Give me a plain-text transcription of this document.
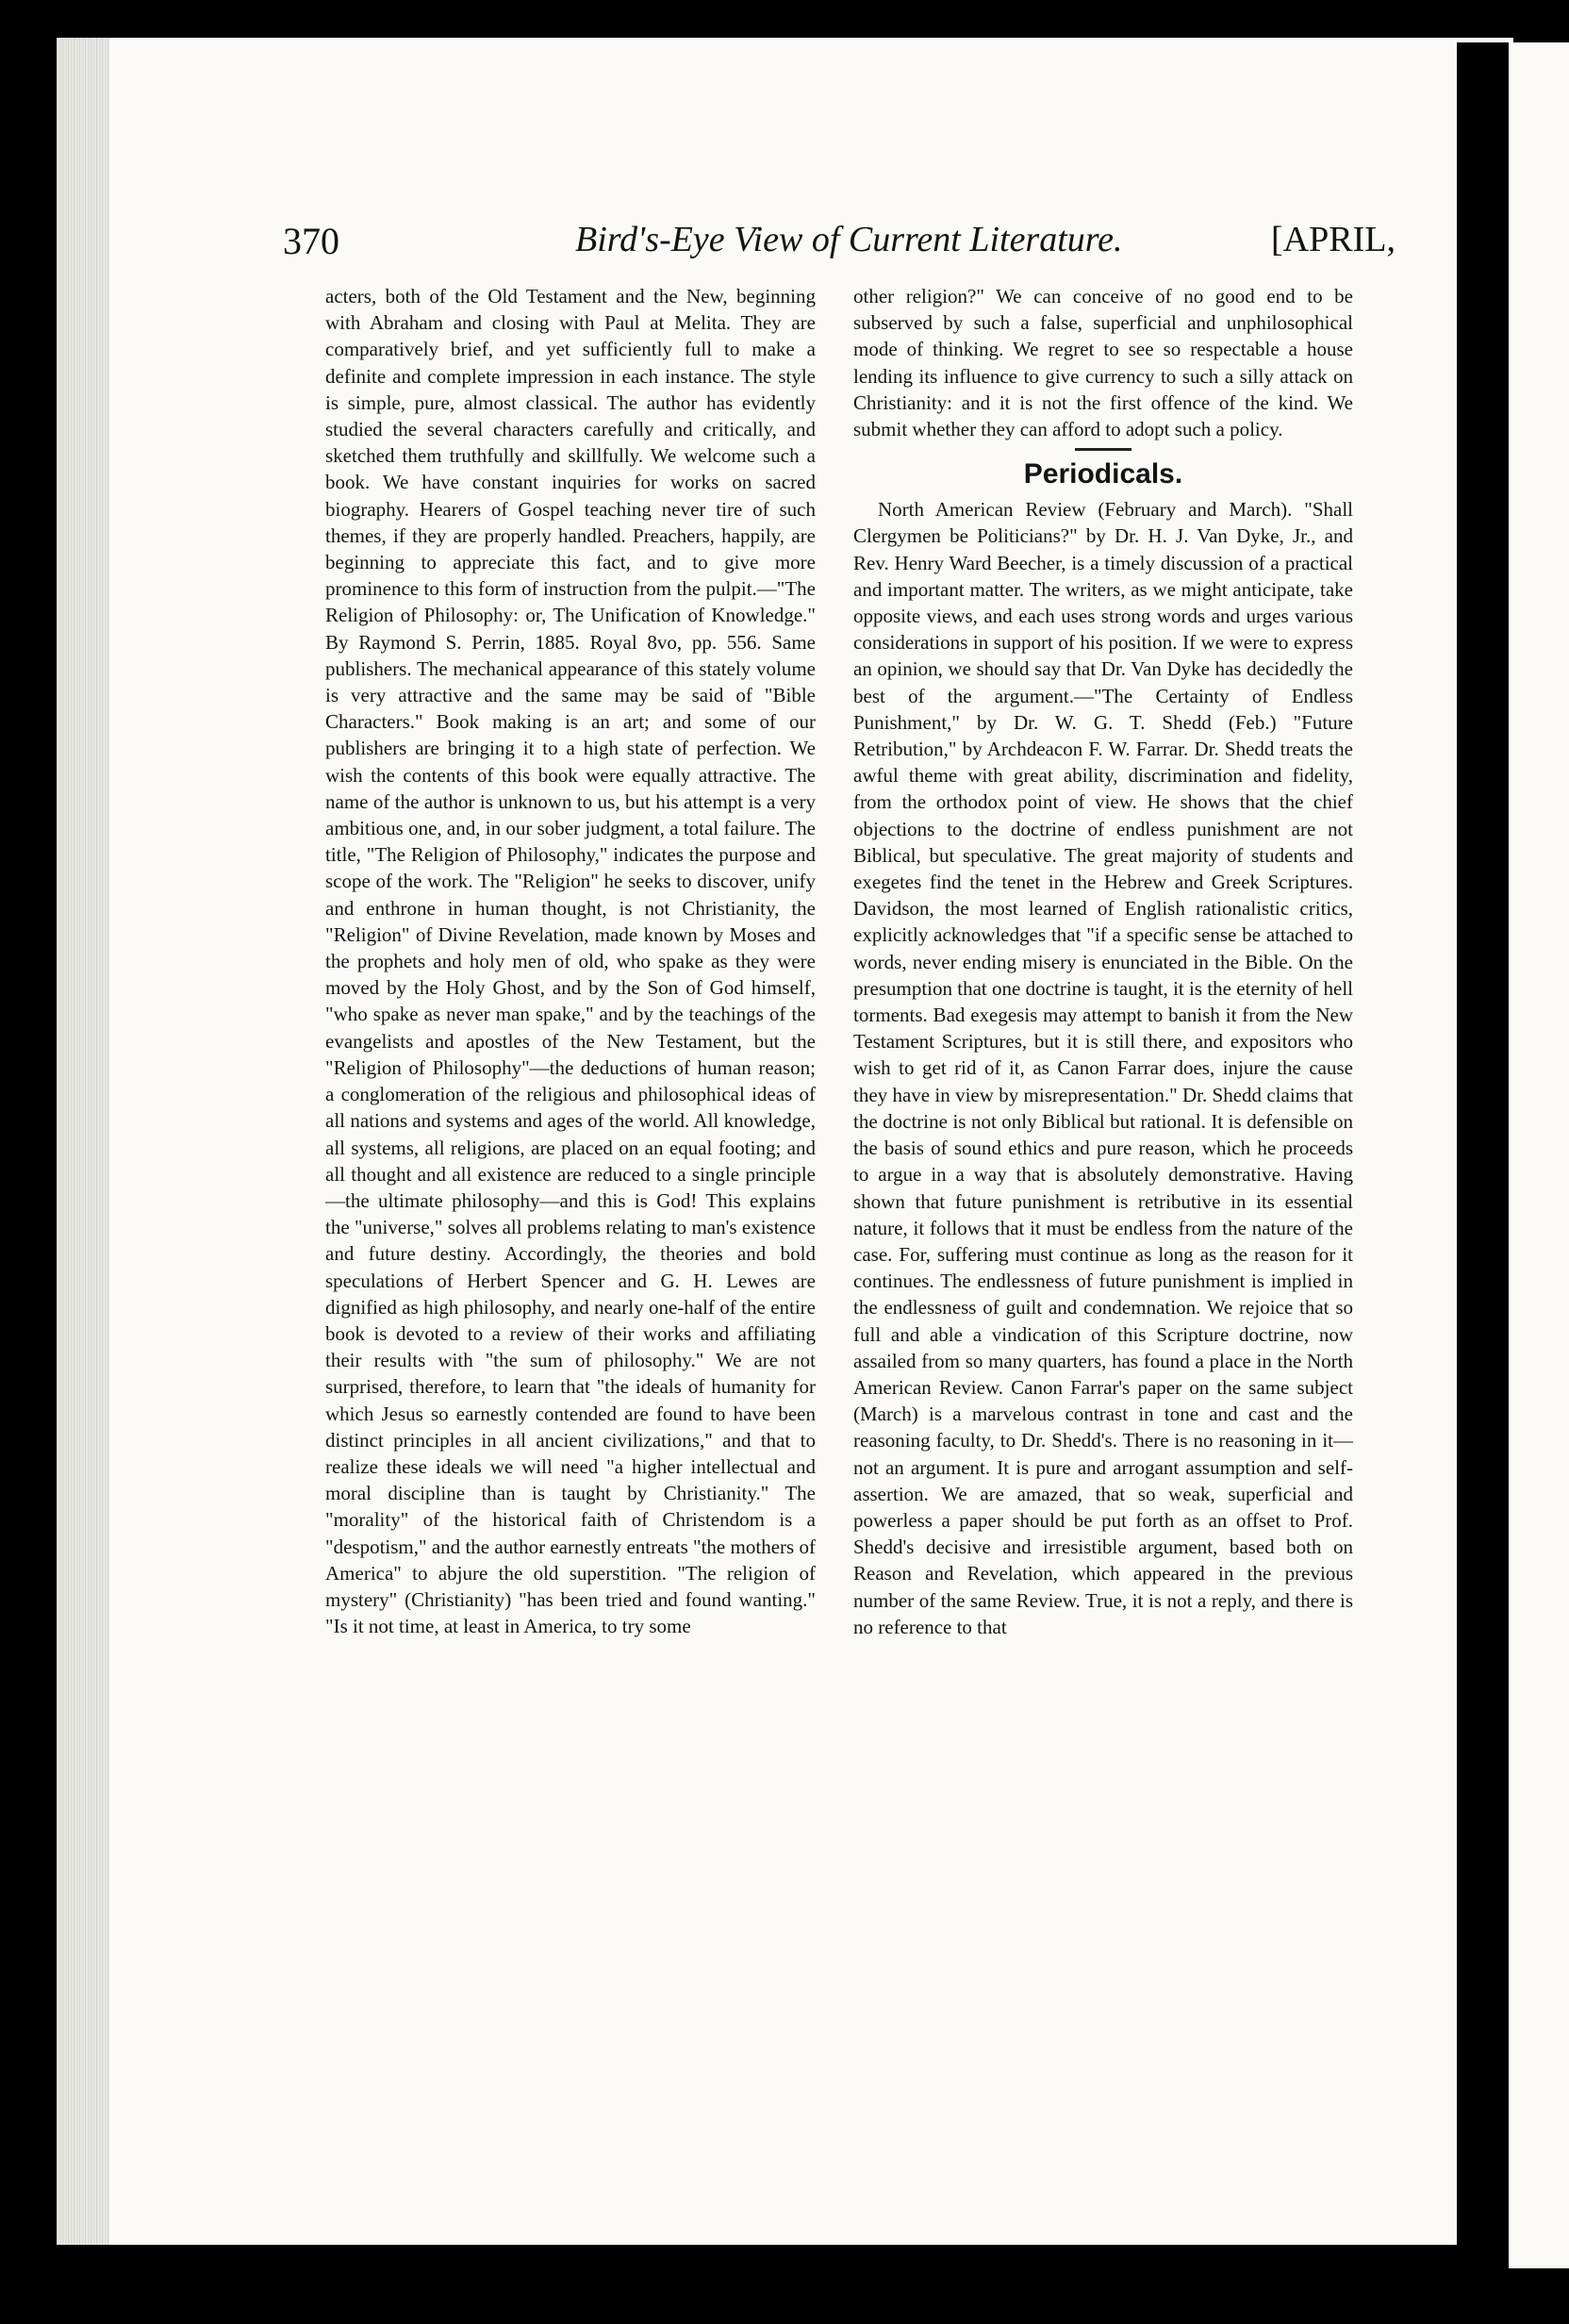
370	Bird's-Eye View of Current Literature.	[APRIL,

acters, both of the Old Testament and the New, beginning with Abraham and closing with Paul at Melita. They are comparatively brief, and yet sufficiently full to make a definite and complete impression in each instance. The style is simple, pure, almost classical. The author has evidently studied the several characters carefully and critically, and sketched them truthfully and skillfully. We welcome such a book. We have constant inquiries for works on sacred biography. Hearers of Gospel teaching never tire of such themes, if they are properly handled. Preachers, happily, are beginning to appreciate this fact, and to give more prominence to this form of instruction from the pulpit.—"The Religion of Philosophy: or, The Unification of Knowledge." By Raymond S. Perrin, 1885. Royal 8vo, pp. 556. Same publishers. The mechanical appearance of this stately volume is very attractive and the same may be said of "Bible Characters." Book making is an art; and some of our publishers are bringing it to a high state of perfection. We wish the contents of this book were equally attractive. The name of the author is unknown to us, but his attempt is a very ambitious one, and, in our sober judgment, a total failure. The title, "The Religion of Philosophy," indicates the purpose and scope of the work. The "Religion" he seeks to discover, unify and enthrone in human thought, is not Christianity, the "Religion" of Divine Revelation, made known by Moses and the prophets and holy men of old, who spake as they were moved by the Holy Ghost, and by the Son of God himself, "who spake as never man spake," and by the teachings of the evangelists and apostles of the New Testament, but the "Religion of Philosophy"—the deductions of human reason; a conglomeration of the religious and philosophical ideas of all nations and systems and ages of the world. All knowledge, all systems, all religions, are placed on an equal footing; and all thought and all existence are reduced to a single principle—the ultimate philosophy—and this is God! This explains the "universe," solves all problems relating to man's existence and future destiny. Accordingly, the theories and bold speculations of Herbert Spencer and G. H. Lewes are dignified as high philosophy, and nearly one-half of the entire book is devoted to a review of their works and affiliating their results with "the sum of philosophy." We are not surprised, therefore, to learn that "the ideals of humanity for which Jesus so earnestly contended are found to have been distinct principles in all ancient civilizations," and that to realize these ideals we will need "a higher intellectual and moral discipline than is taught by Christianity." The "morality" of the historical faith of Christendom is a "despotism," and the author earnestly entreats "the mothers of America" to abjure the old superstition. "The religion of mystery" (Christianity) "has been tried and found wanting." "Is it not time, at least in America, to try some

other religion?" We can conceive of no good end to be subserved by such a false, superficial and unphilosophical mode of thinking. We regret to see so respectable a house lending its influence to give currency to such a silly attack on Christianity: and it is not the first offence of the kind. We submit whether they can afford to adopt such a policy.

Periodicals.

North American Review (February and March). "Shall Clergymen be Politicians?" by Dr. H. J. Van Dyke, Jr., and Rev. Henry Ward Beecher, is a timely discussion of a practical and important matter. The writers, as we might anticipate, take opposite views, and each uses strong words and urges various considerations in support of his position. If we were to express an opinion, we should say that Dr. Van Dyke has decidedly the best of the argument.—"The Certainty of Endless Punishment," by Dr. W. G. T. Shedd (Feb.) "Future Retribution," by Archdeacon F. W. Farrar. Dr. Shedd treats the awful theme with great ability, discrimination and fidelity, from the orthodox point of view. He shows that the chief objections to the doctrine of endless punishment are not Biblical, but speculative. The great majority of students and exegetes find the tenet in the Hebrew and Greek Scriptures. Davidson, the most learned of English rationalistic critics, explicitly acknowledges that "if a specific sense be attached to words, never ending misery is enunciated in the Bible. On the presumption that one doctrine is taught, it is the eternity of hell torments. Bad exegesis may attempt to banish it from the New Testament Scriptures, but it is still there, and expositors who wish to get rid of it, as Canon Farrar does, injure the cause they have in view by misrepresentation." Dr. Shedd claims that the doctrine is not only Biblical but rational. It is defensible on the basis of sound ethics and pure reason, which he proceeds to argue in a way that is absolutely demonstrative. Having shown that future punishment is retributive in its essential nature, it follows that it must be endless from the nature of the case. For, suffering must continue as long as the reason for it continues. The endlessness of future punishment is implied in the endlessness of guilt and condemnation. We rejoice that so full and able a vindication of this Scripture doctrine, now assailed from so many quarters, has found a place in the North American Review. Canon Farrar's paper on the same subject (March) is a marvelous contrast in tone and cast and the reasoning faculty, to Dr. Shedd's. There is no reasoning in it—not an argument. It is pure and arrogant assumption and self-assertion. We are amazed, that so weak, superficial and powerless a paper should be put forth as an offset to Prof. Shedd's decisive and irresistible argument, based both on Reason and Revelation, which appeared in the previous number of the same Review. True, it is not a reply, and there is no reference to that
